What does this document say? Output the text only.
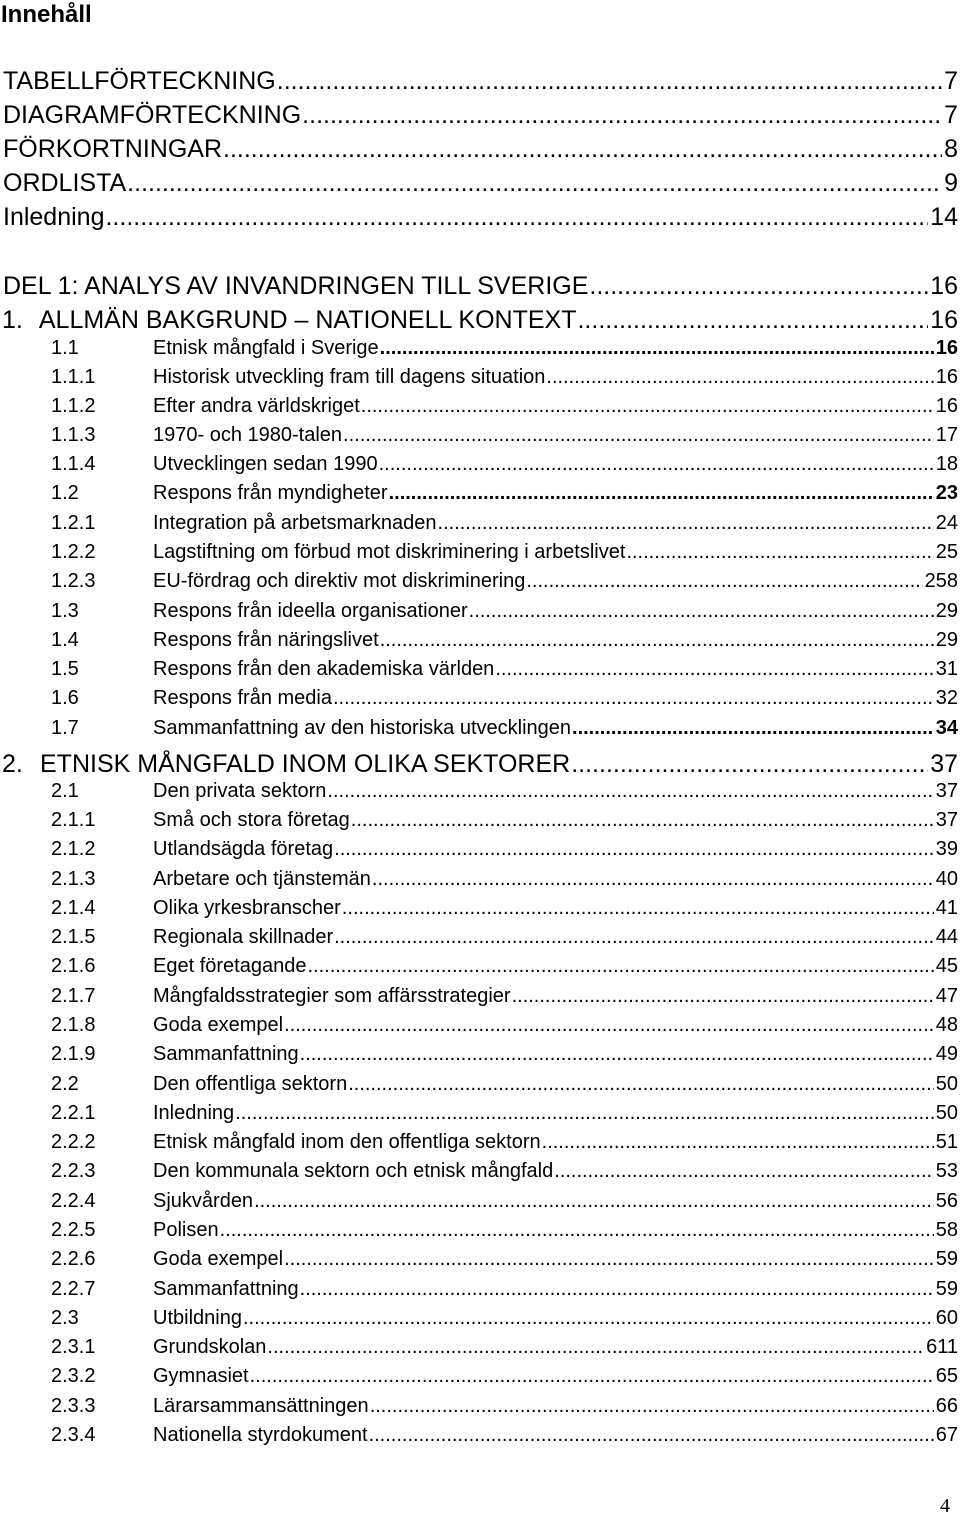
Innehåll
TABELLFÖRTECKNING .....	7
DIAGRAMFÖRTECKNING .....	7
FÖRKORTNINGAR .....	8
ORDLISTA .....	9
Inledning .....	14
DEL 1: ANALYS AV INVANDRINGEN TILL SVERIGE .....	16
1. ALLMÄN BAKGRUND – NATIONELL KONTEXT .....	16
1.1	Etnisk mångfald i Sverige .....	16
1.1.1	Historisk utveckling fram till dagens situation .....	16
1.1.2	Efter andra världskriget .....	16
1.1.3	1970- och 1980-talen .....	17
1.1.4	Utvecklingen sedan 1990 .....	18
1.2	Respons från myndigheter .....	23
1.2.1	Integration på arbetsmarknaden .....	24
1.2.2	Lagstiftning om förbud mot diskriminering i arbetslivet .....	25
1.2.3	EU-fördrag och direktiv mot diskriminering .....	258
1.3	Respons från ideella organisationer .....	29
1.4	Respons från näringslivet .....	29
1.5	Respons från den akademiska världen .....	31
1.6	Respons från media .....	32
1.7	Sammanfattning av den historiska utvecklingen .....	34
2. ETNISK MÅNGFALD INOM OLIKA SEKTORER .....	37
2.1	Den privata sektorn .....	37
2.1.1	Små och stora företag .....	37
2.1.2	Utlandsägda företag .....	39
2.1.3	Arbetare och tjänstemän .....	40
2.1.4	Olika yrkesbranscher .....	41
2.1.5	Regionala skillnader .....	44
2.1.6	Eget företagande .....	45
2.1.7	Mångfaldsstrategier som affärsstrategier .....	47
2.1.8	Goda exempel .....	48
2.1.9	Sammanfattning .....	49
2.2	Den offentliga sektorn .....	50
2.2.1	Inledning .....	50
2.2.2	Etnisk mångfald inom den offentliga sektorn .....	51
2.2.3	Den kommunala sektorn och etnisk mångfald .....	53
2.2.4	Sjukvården .....	56
2.2.5	Polisen .....	58
2.2.6	Goda exempel .....	59
2.2.7	Sammanfattning .....	59
2.3	Utbildning .....	60
2.3.1	Grundskolan .....	611
2.3.2	Gymnasiet .....	65
2.3.3	Lärarsammansättningen .....	66
2.3.4	Nationella styrdokument .....	67
4
